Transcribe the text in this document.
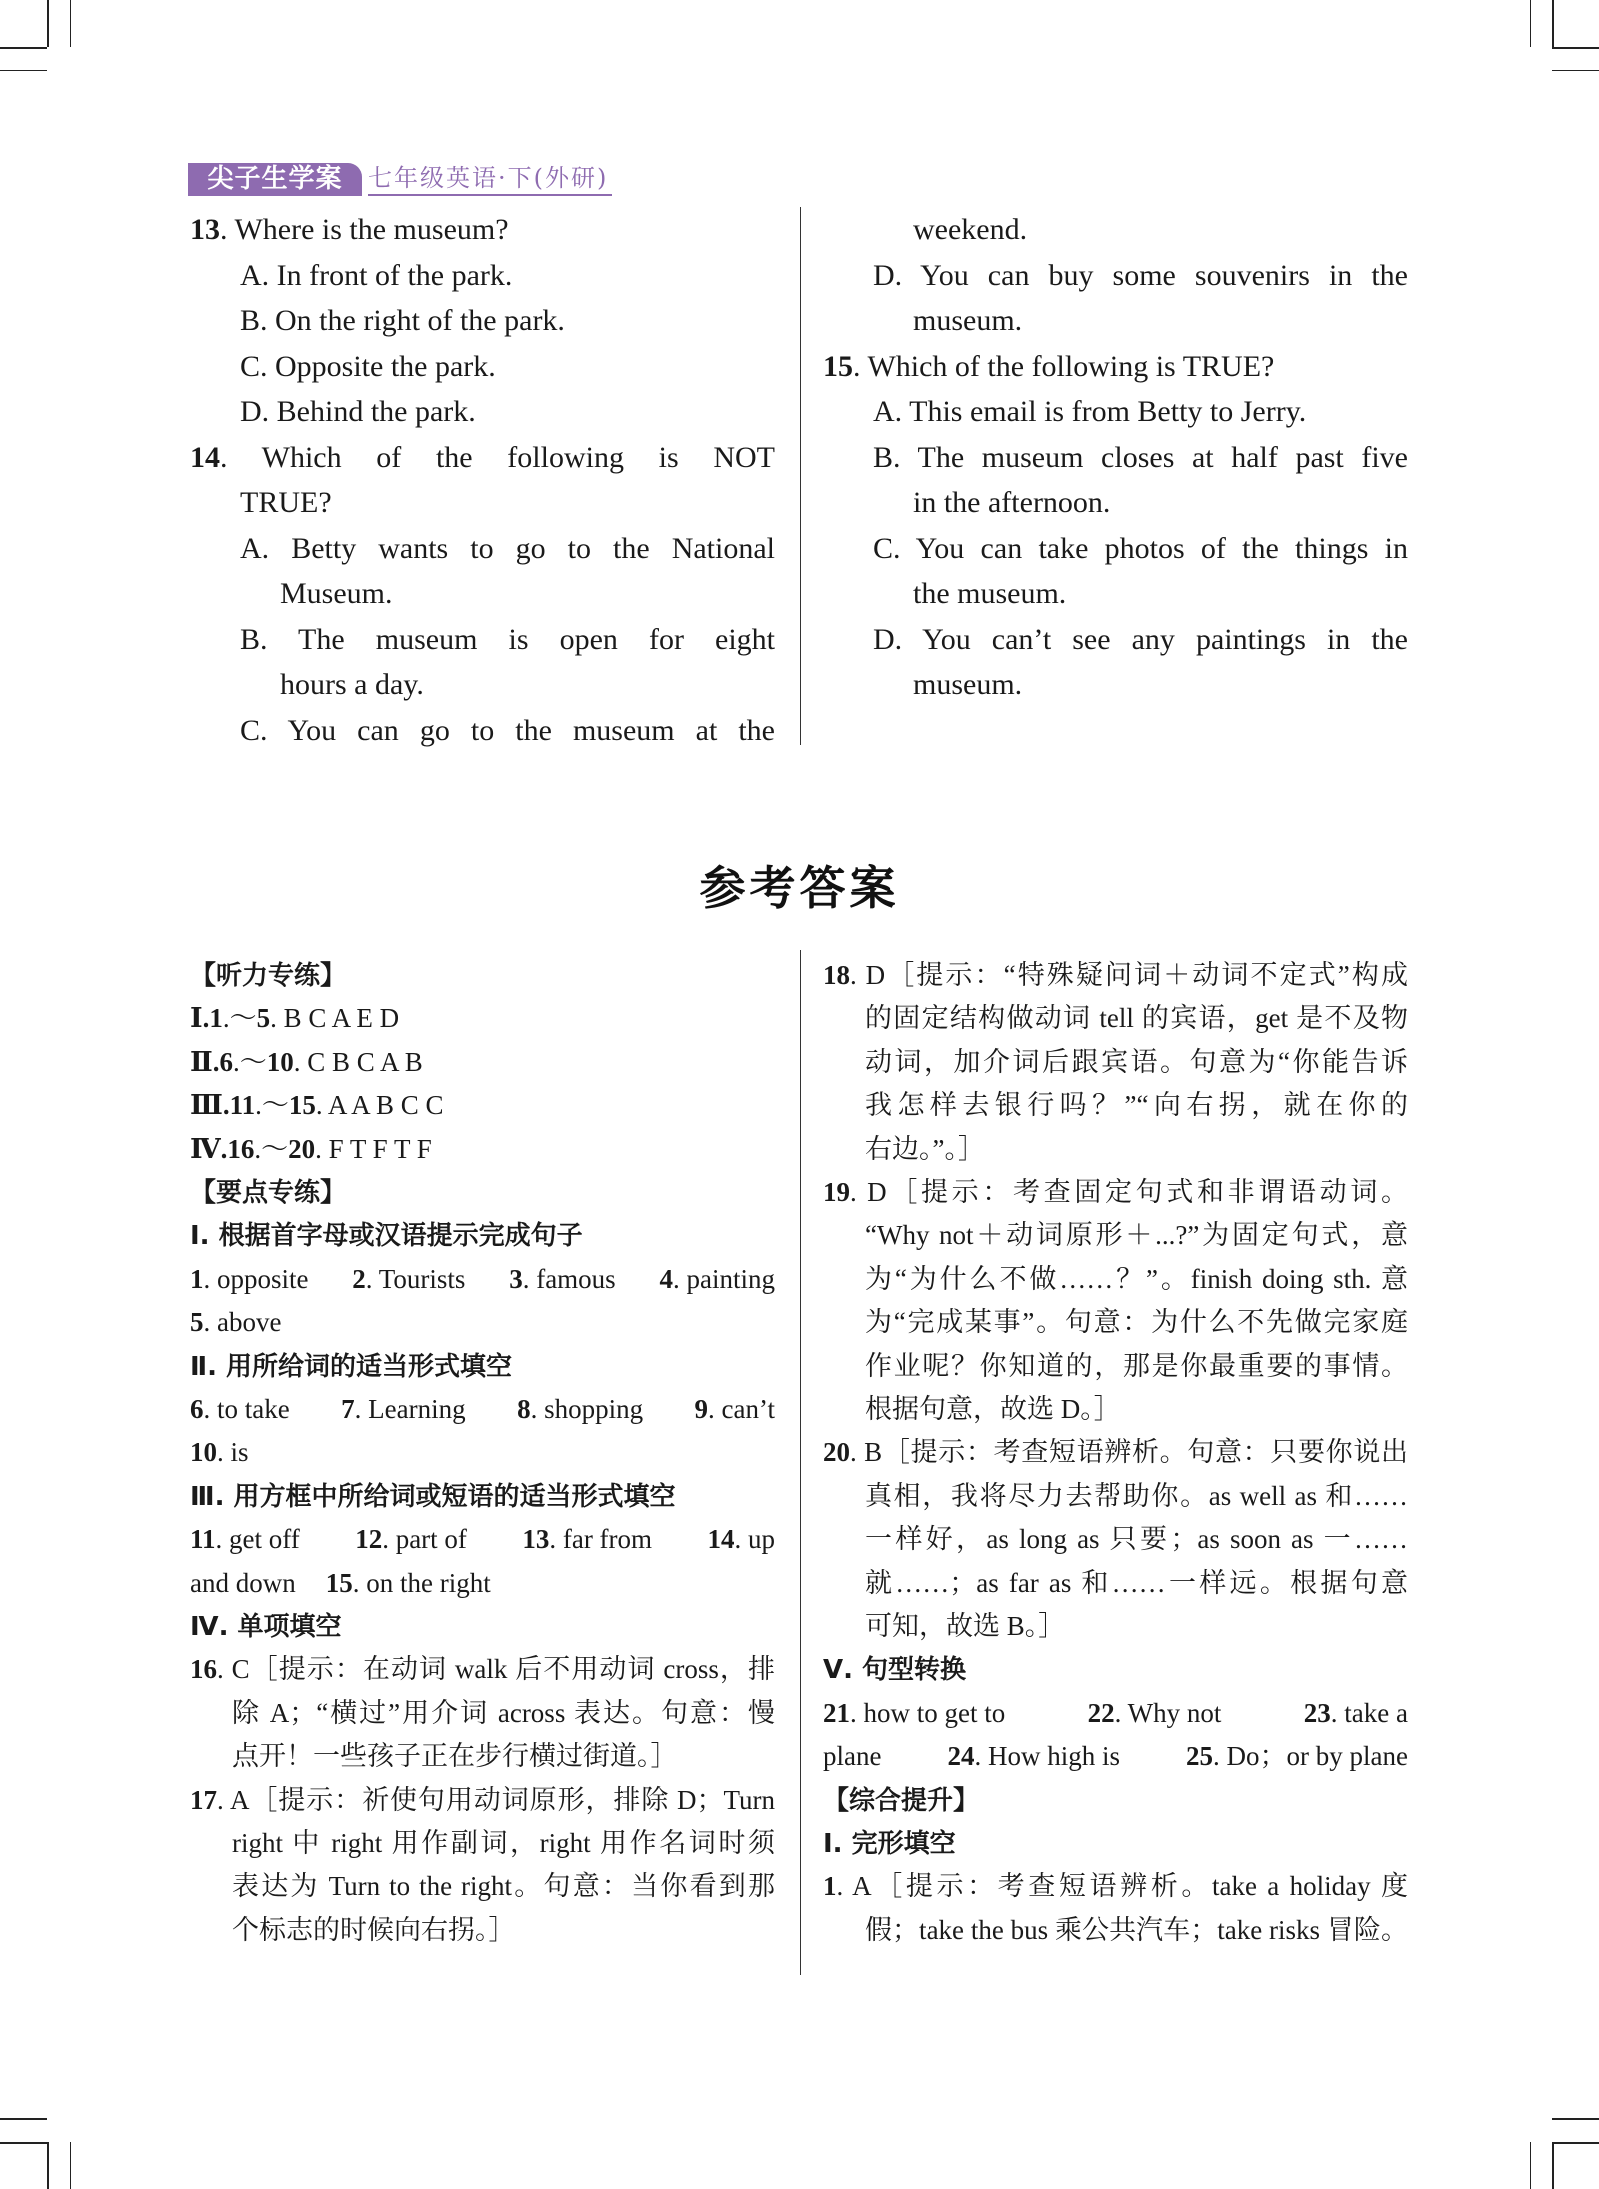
尖子生学案	七年级英语·下(外研)
13. Where is the museum?
A. In front of the park.
B. On the right of the park.
C. Opposite the park.
D. Behind the park.
14. Which of the following is NOT
TRUE?
A. Betty wants to go to the National
Museum.
B. The museum is open for eight
hours a day.
C. You can go to the museum at the
weekend.
D. You can buy some souvenirs in the
museum.
15. Which of the following is TRUE?
A. This email is from Betty to Jerry.
B. The museum closes at half past five
in the afternoon.
C. You can take photos of the things in
the museum.
D. You can’t see any paintings in the
museum.
参考答案
【听力专练】
Ⅰ.1.～5. B C A E D
Ⅱ.6.～10. C B C A B
Ⅲ.11.～15. A A B C C
Ⅳ.16.～20. F T F T F
【要点专练】
Ⅰ. 根据首字母或汉语提示完成句子
1. opposite 2. Tourists 3. famous 4. painting
5. above
Ⅱ. 用所给词的适当形式填空
6. to take 7. Learning 8. shopping 9. can’t
10. is
Ⅲ. 用方框中所给词或短语的适当形式填空
11. get off 12. part of 13. far from 14. up
and down 15. on the right
Ⅳ. 单项填空
16. C［提示：在动词 walk 后不用动词 cross，排
除 A；“横过”用介词 across 表达。句意：慢
点开！一些孩子正在步行横过街道。］
17. A［提示：祈使句用动词原形，排除 D；Turn
right 中 right 用作副词，right 用作名词时须
表达为 Turn to the right。句意：当你看到那
个标志的时候向右拐。］
18. D［提示：“特殊疑问词＋动词不定式”构成
的固定结构做动词 tell 的宾语，get 是不及物
动词，加介词后跟宾语。句意为“你能告诉
我怎样去银行吗？”“向右拐，就在你的
右边。”。］
19. D［提示：考查固定句式和非谓语动词。
“Why not＋动词原形＋...?”为固定句式，意
为“为什么不做……？”。finish doing sth. 意
为“完成某事”。句意：为什么不先做完家庭
作业呢？你知道的，那是你最重要的事情。
根据句意，故选 D。］
20. B［提示：考查短语辨析。句意：只要你说出
真相，我将尽力去帮助你。as well as 和……
一样好，as long as 只要；as soon as 一……
就……；as far as 和……一样远。根据句意
可知，故选 B。］
Ⅴ. 句型转换
21. how to get to	22. Why not	23. take a
plane 24. How high is 25. Do；or by plane
【综合提升】
Ⅰ. 完形填空
1. A［提示：考查短语辨析。take a holiday 度
假；take the bus 乘公共汽车；take risks 冒险。
